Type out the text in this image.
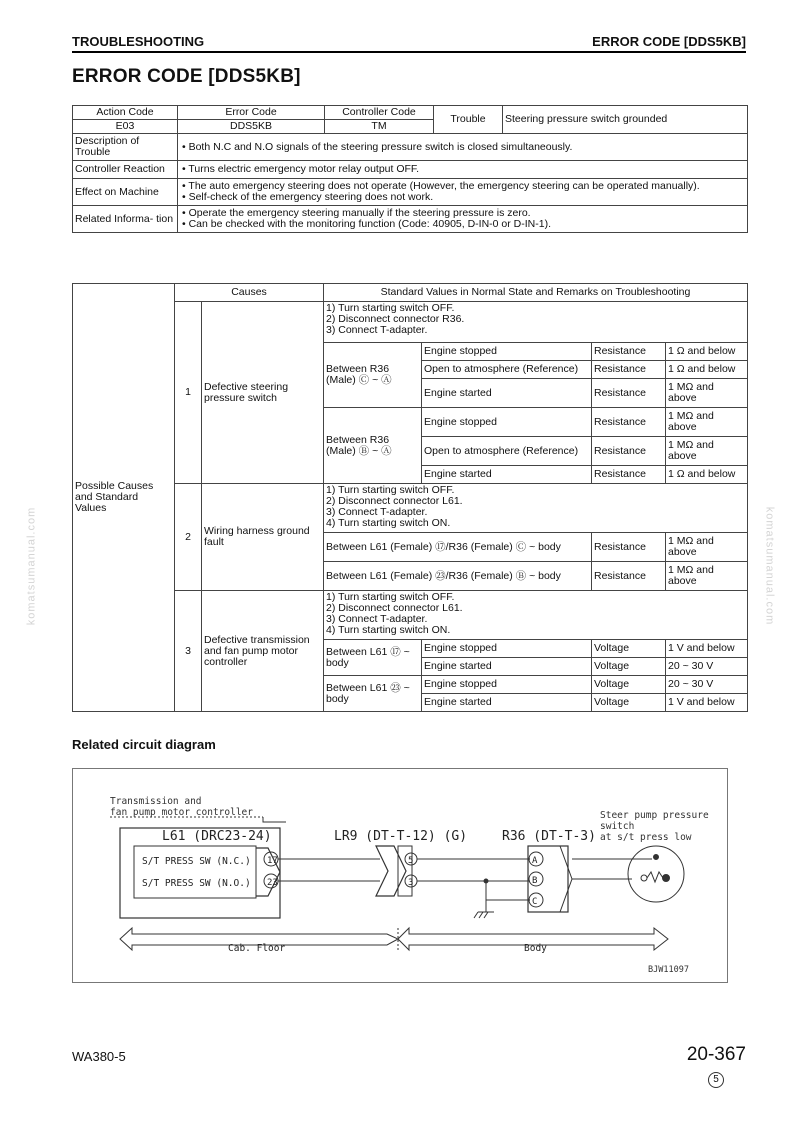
TROUBLESHOOTING	ERROR CODE [DDS5KB]
ERROR CODE [DDS5KB]
Action Code	Error Code	Controller Code	Trouble	Steering pressure switch grounded
E03	DDS5KB	TM		
Description of Trouble	• Both N.C and N.O signals of the steering pressure switch is closed simultaneously.			

Controller Reaction	• Turns electric emergency motor relay output OFF.			

Effect on Machine	• The auto emergency steering does not operate (However, the emergency steering can be operated manually).
• Self-check of the emergency steering does not work.			

Related Informa- tion	• Operate the emergency steering manually if the steering pressure is zero.
• Can be checked with the monitoring function (Code: 40905, D-IN-0 or D-IN-1).			
Possible Causes and Standard Values	Causes		Standard Values in Normal State and Remarks on Troubleshooting			
	1	Defective steering pressure switch	1) Turn starting switch OFF.
2) Disconnect connector R36.
3) Connect T-adapter.			

			Between R36 (Male) Ⓒ ~ Ⓐ	Engine stopped	Resistance	1 Ω and below
				Open to atmosphere (Reference)	Resistance	1 Ω and below
				Engine started	Resistance	1 MΩ and above
			Between R36 (Male) Ⓑ ~ Ⓐ	Engine stopped	Resistance	1 MΩ and above
				Open to atmosphere (Reference)	Resistance	1 MΩ and above
				Engine started	Resistance	1 Ω and below
	2	Wiring harness ground fault	1) Turn starting switch OFF.
2) Disconnect connector L61.
3) Connect T-adapter.
4) Turn starting switch ON.			

			Between L61 (Female) ⑰/R36 (Female) Ⓒ ~ body		Resistance	1 MΩ and above
			Between L61 (Female) ㉓/R36 (Female) Ⓑ ~ body		Resistance	1 MΩ and above
	3	Defective transmission and fan pump motor controller	1) Turn starting switch OFF.
2) Disconnect connector L61.
3) Connect T-adapter.
4) Turn starting switch ON.			

			Between L61 ⑰ ~ body	Engine stopped	Voltage	1 V and below
				Engine started	Voltage	20 ~ 30 V
			Between L61 ㉓ ~ body	Engine stopped	Voltage	20 ~ 30 V
				Engine started	Voltage	1 V and below
Related circuit diagram
Transmission and
fan pump motor controller
L61 (DRC23-24)
S/T PRESS SW (N.C.)
S/T PRESS SW (N.O.)
17
23
LR9 (DT-T-12) (G)
5
3
R36 (DT-T-3)
A
B
C
Steer pump pressure
switch
at s/t press low
Cab. Floor	Body
BJW11097
WA380-5	20-367
5
komatsumanual.com	komatsumanual.com
